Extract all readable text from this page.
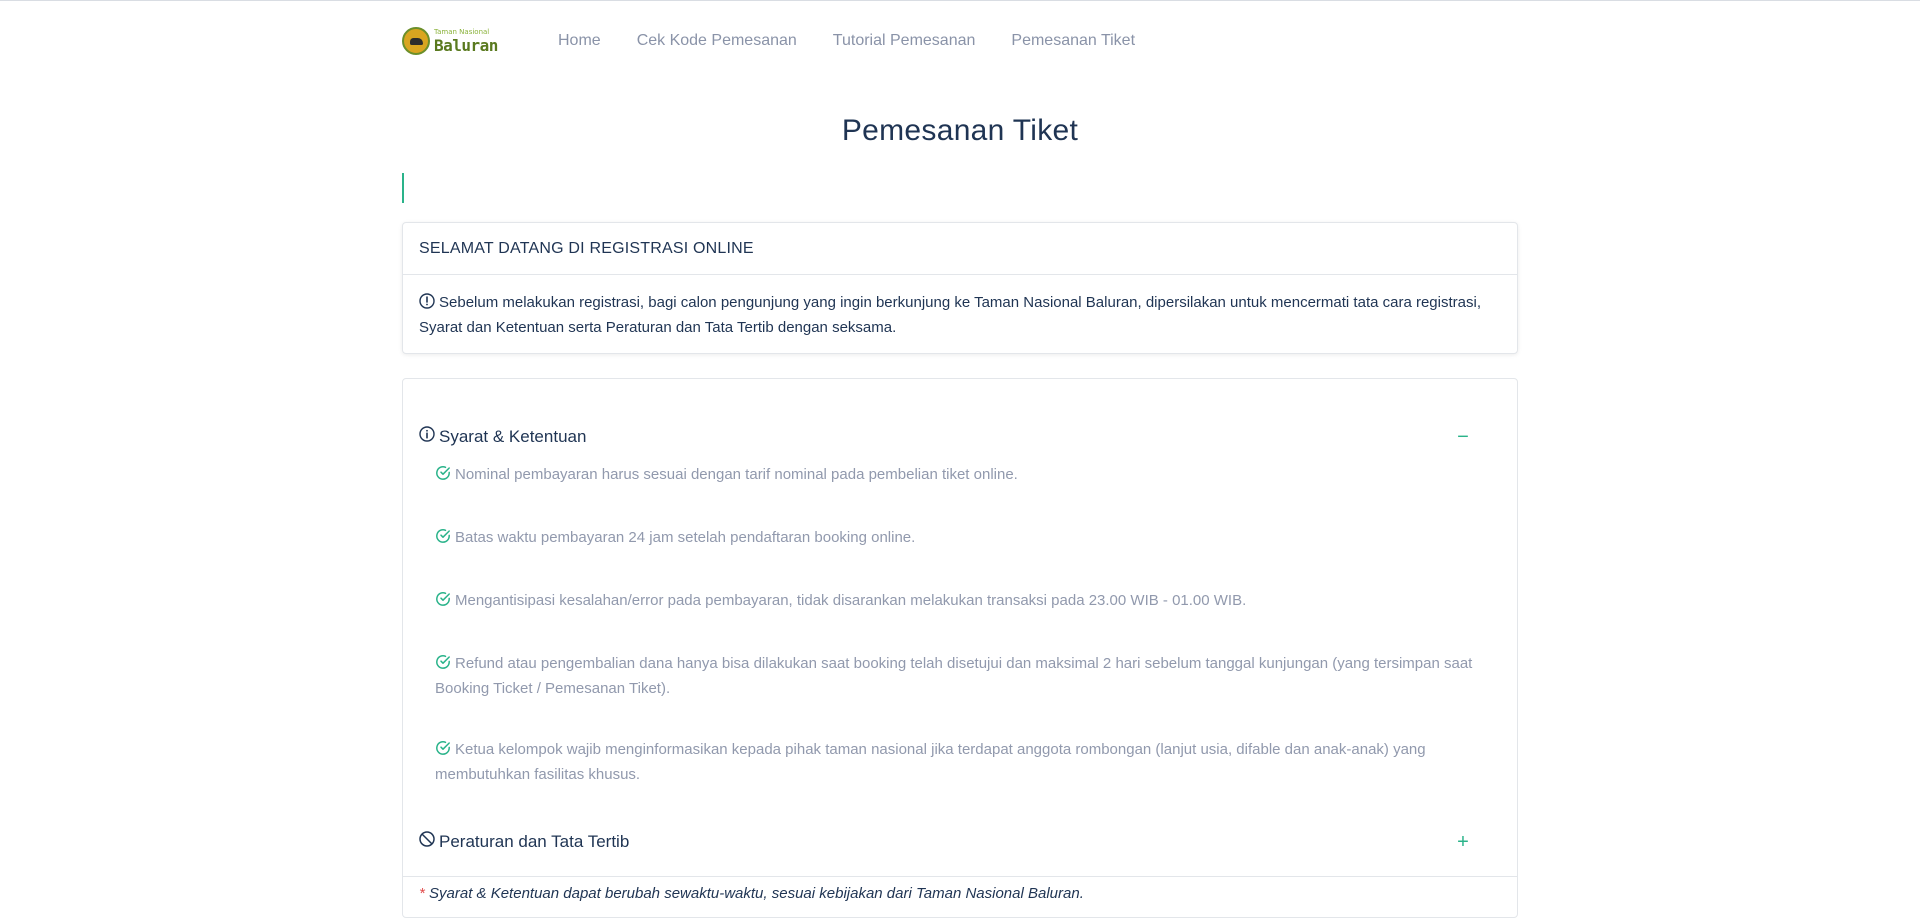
Taman Nasional
Baluran	Home Cek Kode Pemesanan Tutorial Pemesanan Pemesanan Tiket
Pemesanan Tiket
SELAMAT DATANG DI REGISTRASI ONLINE
Sebelum melakukan registrasi, bagi calon pengunjung yang ingin berkunjung ke Taman Nasional Baluran, dipersilakan untuk mencermati tata cara registrasi, Syarat dan Ketentuan serta Peraturan dan Tata Tertib dengan seksama.
Syarat & Ketentuan	−
Nominal pembayaran harus sesuai dengan tarif nominal pada pembelian tiket online.
Batas waktu pembayaran 24 jam setelah pendaftaran booking online.
Mengantisipasi kesalahan/error pada pembayaran, tidak disarankan melakukan transaksi pada 23.00 WIB - 01.00 WIB.
Refund atau pengembalian dana hanya bisa dilakukan saat booking telah disetujui dan maksimal 2 hari sebelum tanggal kunjungan (yang tersimpan saat Booking Ticket / Pemesanan Tiket).
Ketua kelompok wajib menginformasikan kepada pihak taman nasional jika terdapat anggota rombongan (lanjut usia, difable dan anak-anak) yang membutuhkan fasilitas khusus.
Peraturan dan Tata Tertib	+
* Syarat & Ketentuan dapat berubah sewaktu-waktu, sesuai kebijakan dari Taman Nasional Baluran.
